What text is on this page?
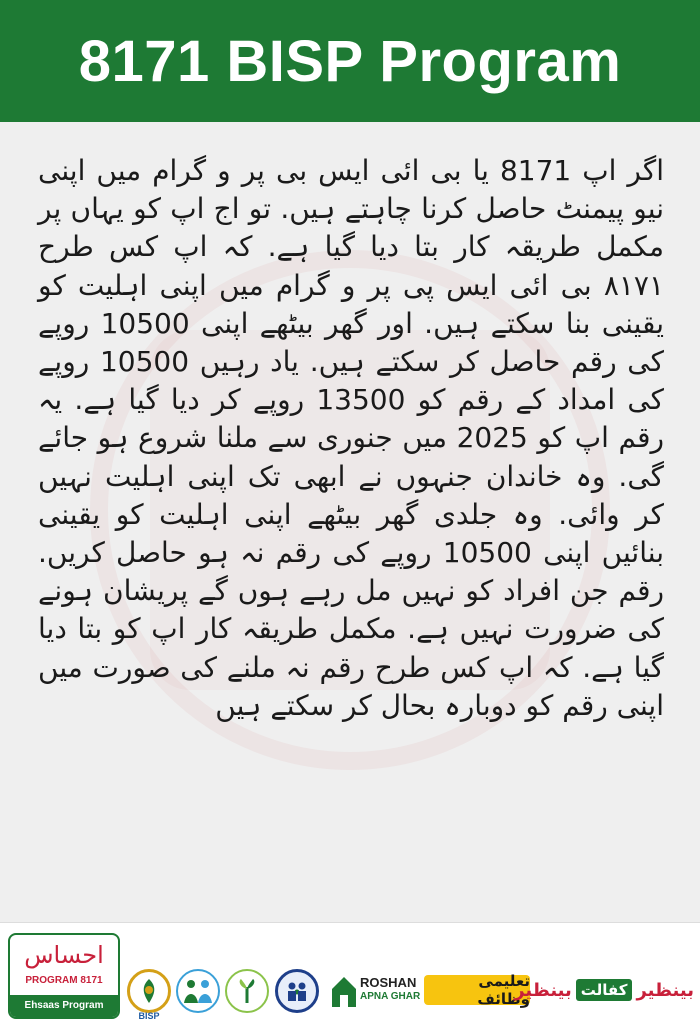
8171 BISP Program

اگر اپ 8171 یا بی ائی ایس بی پر و گرام میں اپنی نیو پیمنٹ حاصل کرنا چاہتے ہیں. تو اج اپ کو یہاں پر مکمل طریقہ کار بتا دیا گیا ہے. کہ اپ کس طرح ۸۱۷۱ بی ائی ایس پی پر و گرام میں اپنی اہلیت کو یقینی بنا سکتے ہیں. اور گھر بیٹھے اپنی 10500 روپے کی رقم حاصل کر سکتے ہیں. یاد رہیں 10500 روپے کی امداد کے رقم کو 13500 روپے کر دیا گیا ہے. یہ رقم اپ کو 2025 میں جنوری سے ملنا شروع ہو جائے گی. وہ خاندان جنہوں نے ابھی تک اپنی اہلیت نہیں کر وائی. وہ جلدی گھر بیٹھے اپنی اہلیت کو یقینی بنائیں اپنی 10500 روپے کی رقم نہ ہو حاصل کریں. رقم جن افراد کو نہیں مل رہے ہوں گے پریشان ہونے کی ضرورت نہیں ہے. مکمل طریقہ کار اپ کو بتا دیا گیا ہے. کہ اپ کس طرح رقم نہ ملنے کی صورت میں اپنی رقم کو دوبارہ بحال کر سکتے ہیں

احساس
PROGRAM 8171
Ehsaas Program
BISP
ROSHAN
APNA GHAR
تعلیمی وظائف	بینظیر
کفالت
بینظیر
